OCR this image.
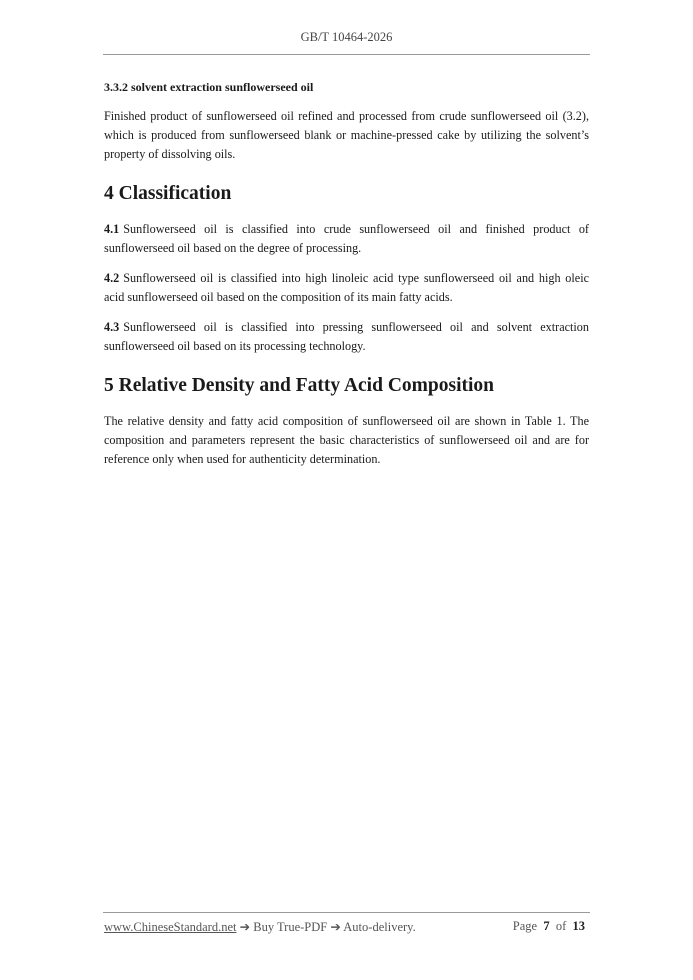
GB/T 10464-2026
3.3.2 solvent extraction sunflowerseed oil

Finished product of sunflowerseed oil refined and processed from crude sunflowerseed oil (3.2), which is produced from sunflowerseed blank or machine-pressed cake by utilizing the solvent’s property of dissolving oils.

4 Classification

4.1 Sunflowerseed oil is classified into crude sunflowerseed oil and finished product of sunflowerseed oil based on the degree of processing.

4.2 Sunflowerseed oil is classified into high linoleic acid type sunflowerseed oil and high oleic acid sunflowerseed oil based on the composition of its main fatty acids.

4.3 Sunflowerseed oil is classified into pressing sunflowerseed oil and solvent extraction sunflowerseed oil based on its processing technology.

5 Relative Density and Fatty Acid Composition

The relative density and fatty acid composition of sunflowerseed oil are shown in Table 1. The composition and parameters represent the basic characteristics of sunflowerseed oil and are for reference only when used for authenticity determination.

www.ChineseStandard.net ➔ Buy True-PDF ➔ Auto-delivery.	Page 7 of 13
